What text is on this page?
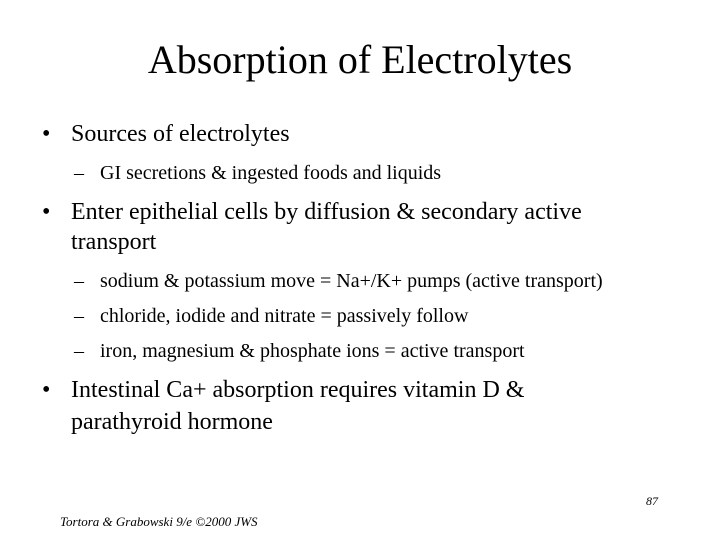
Absorption of Electrolytes
• Sources of electrolytes
– GI secretions & ingested foods and liquids
• Enter epithelial cells by diffusion & secondary active
transport
– sodium & potassium move = Na+/K+ pumps (active transport)
– chloride, iodide and nitrate = passively follow
– iron, magnesium & phosphate ions = active transport
• Intestinal Ca+ absorption requires vitamin D &
parathyroid hormone
87
Tortora & Grabowski 9/e ©2000 JWS
